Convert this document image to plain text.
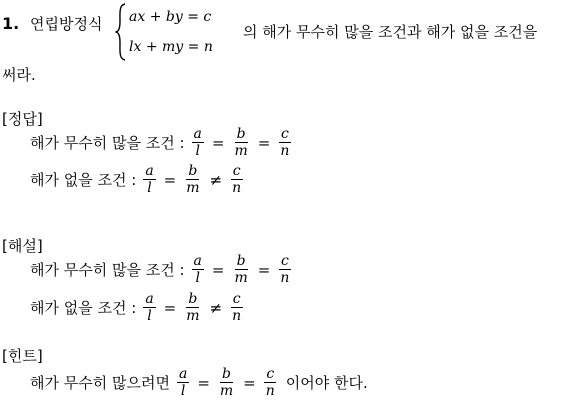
1. 연립방정식 ax + by = c
lx + my = n
의 해가 무수히 많을 조건과 해가 없을 조건을
써라.
[정답]
해가 무수히 많을 조건 : $\frac{a}{l} = \frac{b}{m} = \frac{c}{n}$
해가 없을 조건 : $\frac{a}{l} = \frac{b}{m} \ne \frac{c}{n}$
[해설]
해가 무수히 많을 조건 : $\frac{a}{l} = \frac{b}{m} = \frac{c}{n}$
해가 없을 조건 : $\frac{a}{l} = \frac{b}{m} \ne \frac{c}{n}$
[힌트]
해가 무수히 많으려면 $\frac{a}{l} = \frac{b}{m} = \frac{c}{n}$ 이어야 한다.
